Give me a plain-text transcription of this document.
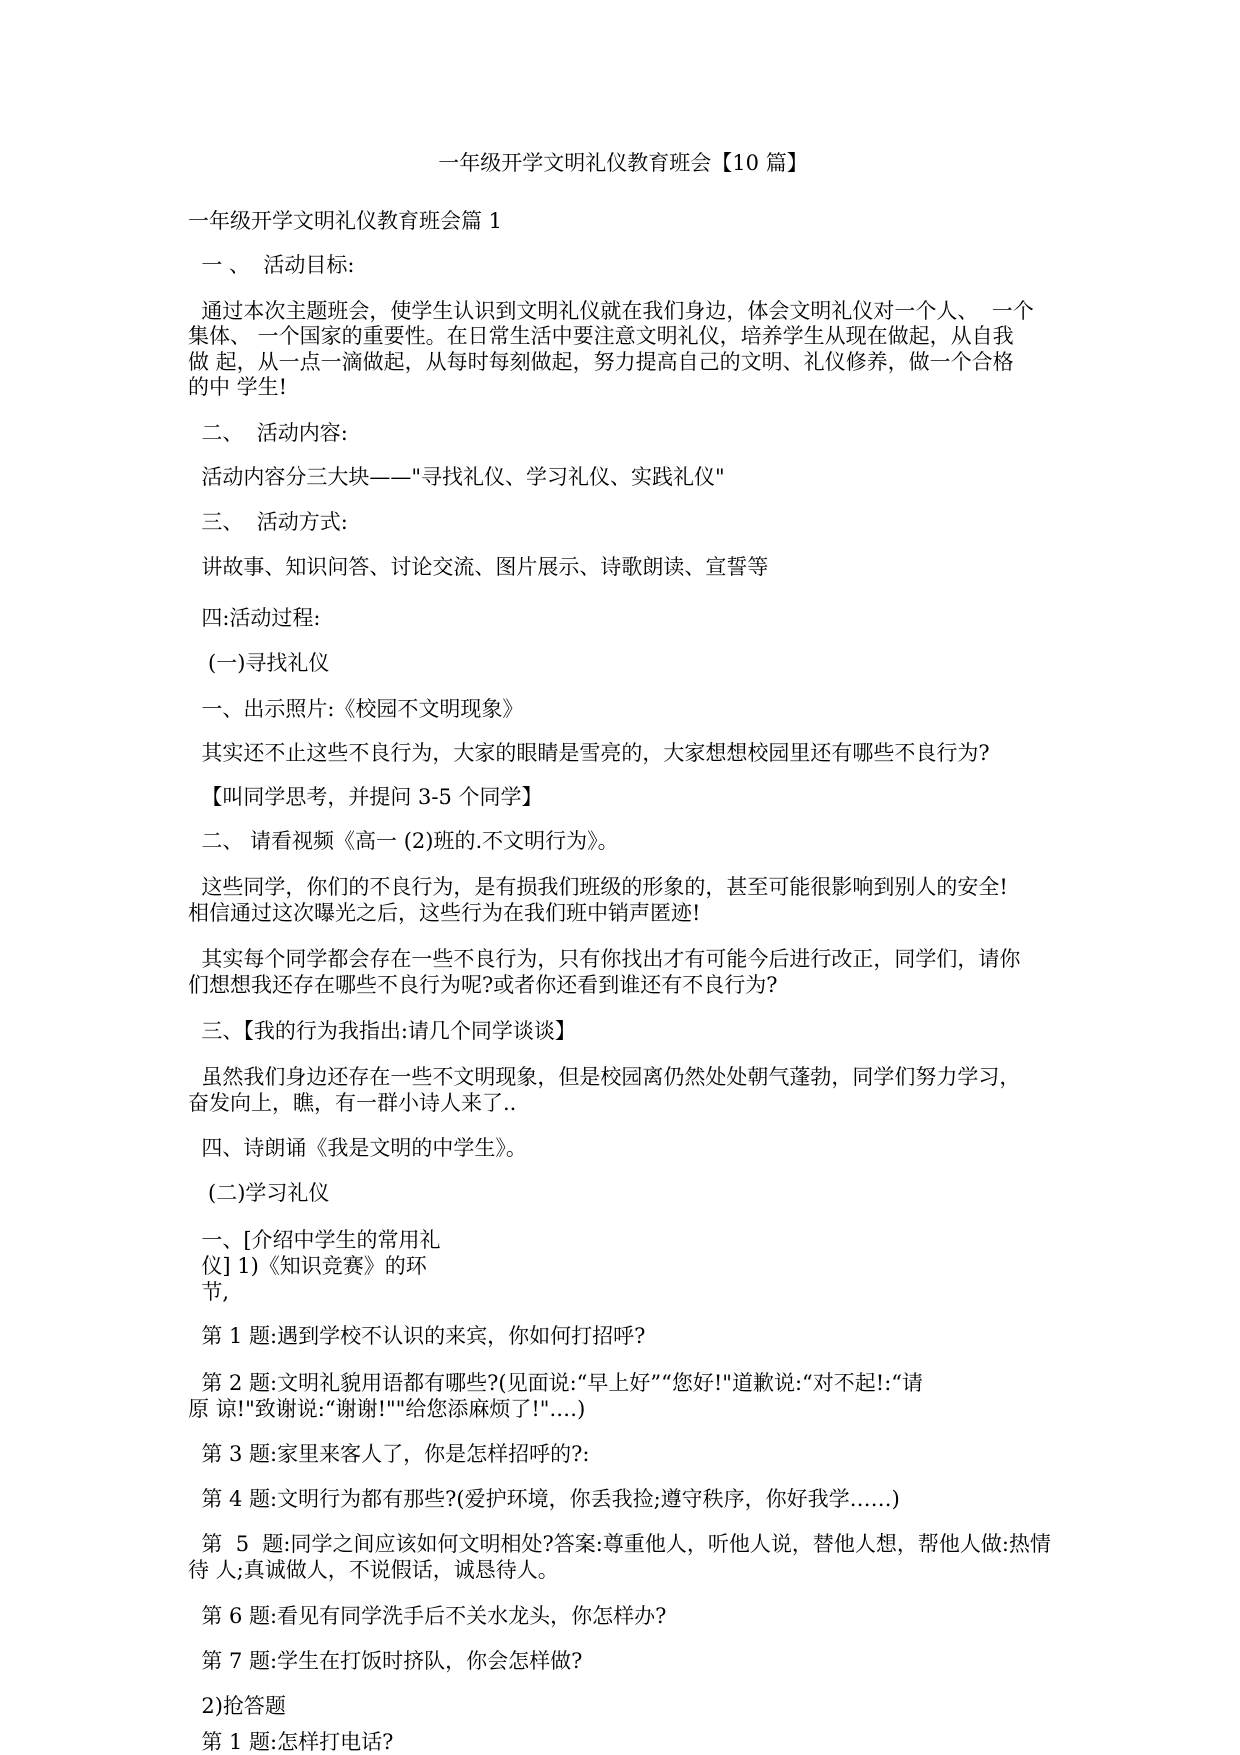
一年级开学文明礼仪教育班会【10 篇】
一年级开学文明礼仪教育班会篇 1
一 、  活动目标:
通过本次主题班会，使学生认识到文明礼仪就在我们身边，体会文明礼仪对一个人、  一个
集体、 一个国家的重要性。在日常生活中要注意文明礼仪，培养学生从现在做起，从自我
做 起，从一点一滴做起，从每时每刻做起，努力提高自己的文明、礼仪修养，做一个合格
的中 学生!
二、  活动内容:
活动内容分三大块——"寻找礼仪、学习礼仪、实践礼仪"
三、  活动方式:
讲故事、知识问答、讨论交流、图片展示、诗歌朗读、宣誓等
四:活动过程:
(一)寻找礼仪
一、出示照片:《校园不文明现象》
其实还不止这些不良行为，大家的眼睛是雪亮的，大家想想校园里还有哪些不良行为?
【叫同学思考，并提问 3-5 个同学】
二、 请看视频《高一 (2)班的.不文明行为》。
这些同学，你们的不良行为，是有损我们班级的形象的，甚至可能很影响到别人的安全!
相信通过这次曝光之后，这些行为在我们班中销声匿迹!
其实每个同学都会存在一些不良行为，只有你找出才有可能今后进行改正，同学们，请你
们想想我还存在哪些不良行为呢?或者你还看到谁还有不良行为?
三、【我的行为我指出:请几个同学谈谈】
虽然我们身边还存在一些不文明现象，但是校园离仍然处处朝气蓬勃，同学们努力学习，
奋发向上，瞧，有一群小诗人来了..
四、诗朗诵《我是文明的中学生》。
(二)学习礼仪
一、[介绍中学生的常用礼
仪] 1)《知识竞赛》的环
节,
第 1 题:遇到学校不认识的来宾，你如何打招呼?
第 2 题:文明礼貌用语都有哪些?(见面说:“早上好”“您好!"道歉说:“对不起!:“请
原 谅!"致谢说:“谢谢!""给您添麻烦了!".…)
第 3 题:家里来客人了，你是怎样招呼的?:
第 4 题:文明行为都有那些?(爱护环境，你丢我捡;遵守秩序，你好我学……)
第  5  题:同学之间应该如何文明相处?答案:尊重他人，听他人说，替他人想，帮他人做:热情
待 人;真诚做人，不说假话，诚恳待人。
第 6 题:看见有同学洗手后不关水龙头，你怎样办?
第 7 题:学生在打饭时挤队，你会怎样做?
2)抢答题
第 1 题:怎样打电话?
